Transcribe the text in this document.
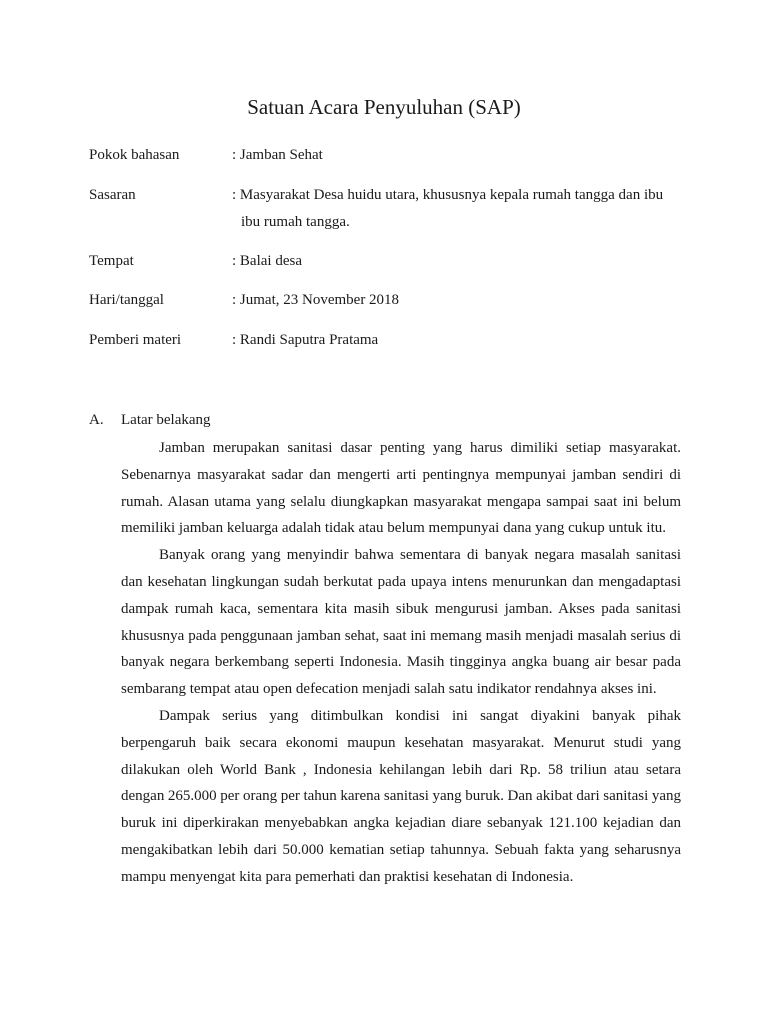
Satuan Acara Penyuluhan (SAP)
Pokok bahasan	: Jamban Sehat
Sasaran	: Masyarakat Desa huidu utara, khususnya kepala rumah tangga dan ibu
ibu rumah tangga.
Tempat	: Balai desa
Hari/tanggal	: Jumat, 23 November 2018
Pemberi materi	: Randi Saputra Pratama
A. Latar belakang
Jamban merupakan sanitasi dasar penting yang harus dimiliki setiap masyarakat.
Sebenarnya masyarakat sadar dan mengerti arti pentingnya mempunyai jamban sendiri di
rumah. Alasan utama yang selalu diungkapkan masyarakat mengapa sampai saat ini belum
memiliki jamban keluarga adalah tidak atau belum mempunyai dana yang cukup untuk itu.
Banyak orang yang menyindir bahwa sementara di banyak negara masalah sanitasi
dan kesehatan lingkungan sudah berkutat pada upaya intens menurunkan dan mengadaptasi
dampak rumah kaca, sementara kita masih sibuk mengurusi jamban. Akses pada sanitasi
khususnya pada penggunaan jamban sehat, saat ini memang masih menjadi masalah serius di
banyak negara berkembang seperti Indonesia. Masih tingginya angka buang air besar pada
sembarang tempat atau open defecation menjadi salah satu indikator rendahnya akses ini.
Dampak serius yang ditimbulkan kondisi ini sangat diyakini banyak pihak
berpengaruh baik secara ekonomi maupun kesehatan masyarakat. Menurut studi yang
dilakukan oleh World Bank , Indonesia kehilangan lebih dari Rp. 58 triliun atau setara
dengan 265.000 per orang per tahun karena sanitasi yang buruk. Dan akibat dari sanitasi yang
buruk ini diperkirakan menyebabkan angka kejadian diare sebanyak 121.100 kejadian dan
mengakibatkan lebih dari 50.000 kematian setiap tahunnya. Sebuah fakta yang seharusnya
mampu menyengat kita para pemerhati dan praktisi kesehatan di Indonesia.
